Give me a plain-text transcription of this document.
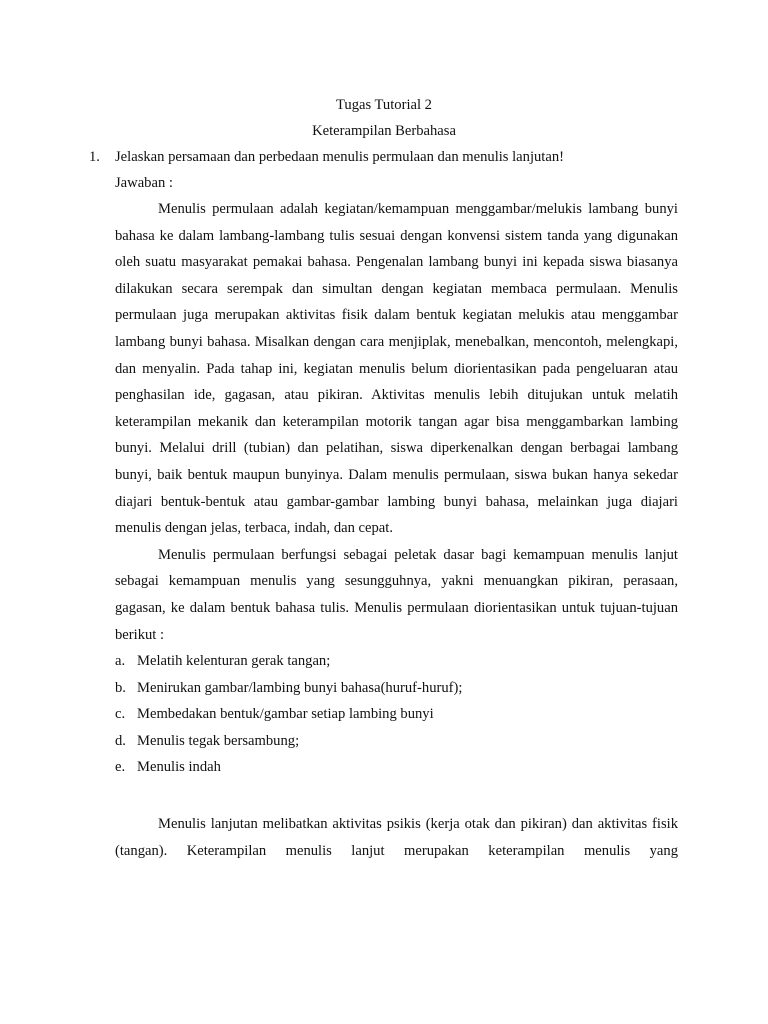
Tugas Tutorial 2

Keterampilan Berbahasa

1. Jelaskan persamaan dan perbedaan menulis permulaan dan menulis lanjutan!

Jawaban :

Menulis permulaan adalah kegiatan/kemampuan menggambar/melukis lambang bunyi bahasa ke dalam lambang-lambang tulis sesuai dengan konvensi sistem tanda yang digunakan oleh suatu masyarakat pemakai bahasa. Pengenalan lambang bunyi ini kepada siswa biasanya dilakukan secara serempak dan simultan dengan kegiatan membaca permulaan. Menulis permulaan juga merupakan aktivitas fisik dalam bentuk kegiatan melukis atau menggambar lambang bunyi bahasa. Misalkan dengan cara menjiplak, menebalkan, mencontoh, melengkapi, dan menyalin. Pada tahap ini, kegiatan menulis belum diorientasikan pada pengeluaran atau penghasilan ide, gagasan, atau pikiran. Aktivitas menulis lebih ditujukan untuk melatih keterampilan mekanik dan keterampilan motorik tangan agar bisa menggambarkan lambing bunyi. Melalui drill (tubian) dan pelatihan, siswa diperkenalkan dengan berbagai lambang bunyi, baik bentuk maupun bunyinya. Dalam menulis permulaan, siswa bukan hanya sekedar diajari bentuk-bentuk atau gambar-gambar lambing bunyi bahasa, melainkan juga diajari menulis dengan jelas, terbaca, indah, dan cepat.

Menulis permulaan berfungsi sebagai peletak dasar bagi kemampuan menulis lanjut sebagai kemampuan menulis yang sesungguhnya, yakni menuangkan pikiran, perasaan, gagasan, ke dalam bentuk bahasa tulis. Menulis permulaan diorientasikan untuk tujuan-tujuan berikut :

a. Melatih kelenturan gerak tangan;
b. Menirukan gambar/lambing bunyi bahasa(huruf-huruf);
c. Membedakan bentuk/gambar setiap lambing bunyi
d. Menulis tegak bersambung;
e. Menulis indah

Menulis lanjutan melibatkan aktivitas psikis (kerja otak dan pikiran) dan aktivitas fisik (tangan). Keterampilan menulis lanjut merupakan keterampilan menulis yang
